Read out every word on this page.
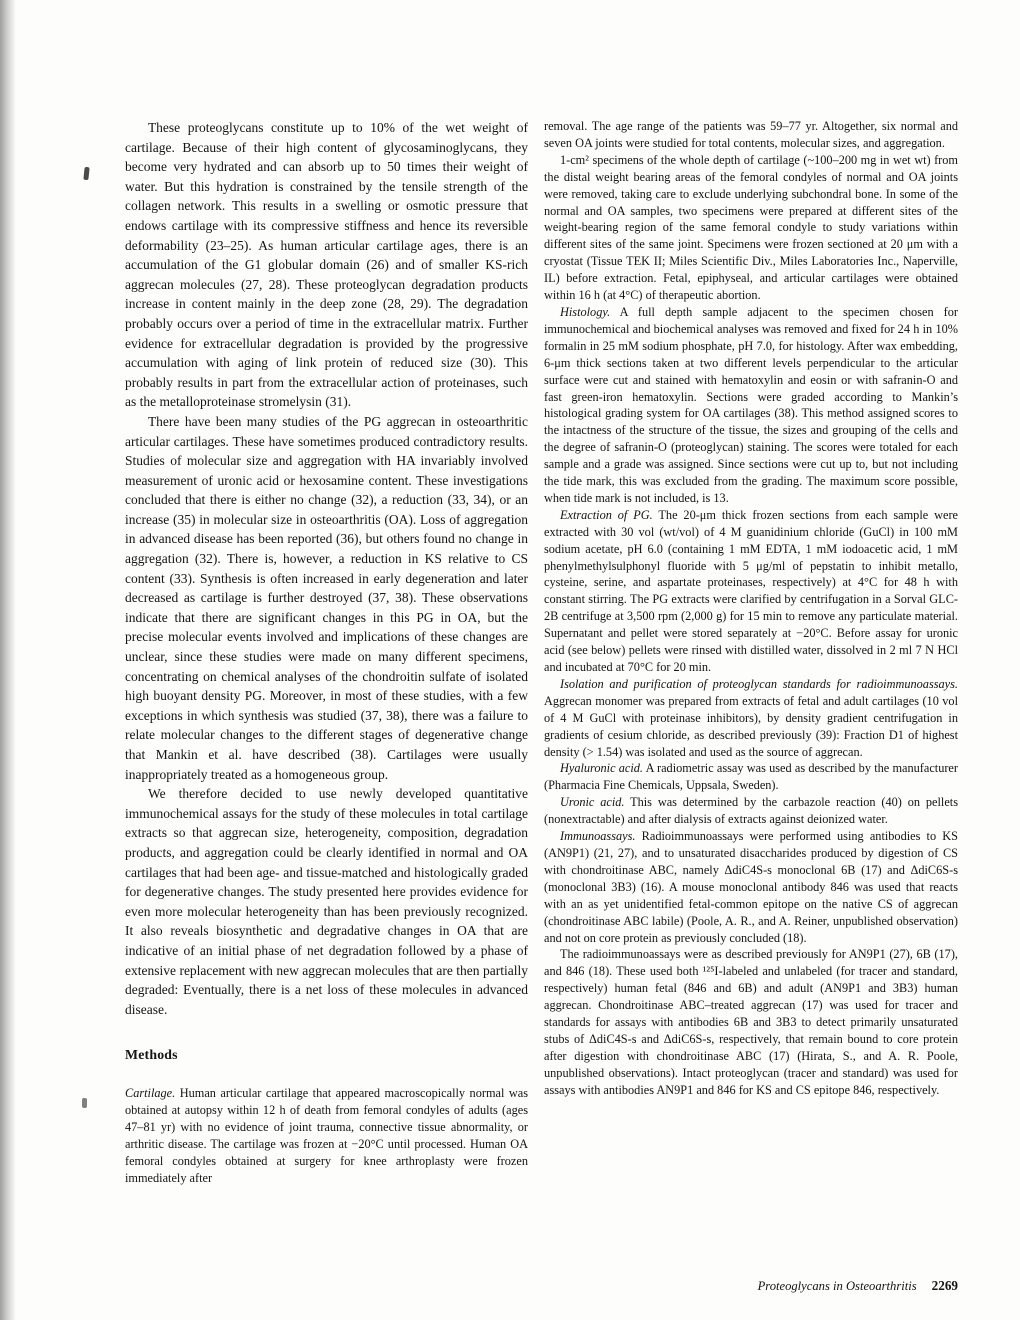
These proteoglycans constitute up to 10% of the wet weight of cartilage. Because of their high content of glycosaminoglycans, they become very hydrated and can absorb up to 50 times their weight of water. But this hydration is constrained by the tensile strength of the collagen network. This results in a swelling or osmotic pressure that endows cartilage with its compressive stiffness and hence its reversible deformability (23–25). As human articular cartilage ages, there is an accumulation of the G1 globular domain (26) and of smaller KS-rich aggrecan molecules (27, 28). These proteoglycan degradation products increase in content mainly in the deep zone (28, 29). The degradation probably occurs over a period of time in the extracellular matrix. Further evidence for extracellular degradation is provided by the progressive accumulation with aging of link protein of reduced size (30). This probably results in part from the extracellular action of proteinases, such as the metalloproteinase stromelysin (31).

There have been many studies of the PG aggrecan in osteoarthritic articular cartilages. These have sometimes produced contradictory results. Studies of molecular size and aggregation with HA invariably involved measurement of uronic acid or hexosamine content. These investigations concluded that there is either no change (32), a reduction (33, 34), or an increase (35) in molecular size in osteoarthritis (OA). Loss of aggregation in advanced disease has been reported (36), but others found no change in aggregation (32). There is, however, a reduction in KS relative to CS content (33). Synthesis is often increased in early degeneration and later decreased as cartilage is further destroyed (37, 38). These observations indicate that there are significant changes in this PG in OA, but the precise molecular events involved and implications of these changes are unclear, since these studies were made on many different specimens, concentrating on chemical analyses of the chondroitin sulfate of isolated high buoyant density PG. Moreover, in most of these studies, with a few exceptions in which synthesis was studied (37, 38), there was a failure to relate molecular changes to the different stages of degenerative change that Mankin et al. have described (38). Cartilages were usually inappropriately treated as a homogeneous group.

We therefore decided to use newly developed quantitative immunochemical assays for the study of these molecules in total cartilage extracts so that aggrecan size, heterogeneity, composition, degradation products, and aggregation could be clearly identified in normal and OA cartilages that had been age- and tissue-matched and histologically graded for degenerative changes. The study presented here provides evidence for even more molecular heterogeneity than has been previously recognized. It also reveals biosynthetic and degradative changes in OA that are indicative of an initial phase of net degradation followed by a phase of extensive replacement with new aggrecan molecules that are then partially degraded: Eventually, there is a net loss of these molecules in advanced disease.

Methods

Cartilage. Human articular cartilage that appeared macroscopically normal was obtained at autopsy within 12 h of death from femoral condyles of adults (ages 47–81 yr) with no evidence of joint trauma, connective tissue abnormality, or arthritic disease. The cartilage was frozen at −20°C until processed. Human OA femoral condyles obtained at surgery for knee arthroplasty were frozen immediately after

removal. The age range of the patients was 59–77 yr. Altogether, six normal and seven OA joints were studied for total contents, molecular sizes, and aggregation.

1-cm² specimens of the whole depth of cartilage (~100–200 mg in wet wt) from the distal weight bearing areas of the femoral condyles of normal and OA joints were removed, taking care to exclude underlying subchondral bone. In some of the normal and OA samples, two specimens were prepared at different sites of the weight-bearing region of the same femoral condyle to study variations within different sites of the same joint. Specimens were frozen sectioned at 20 μm with a cryostat (Tissue TEK II; Miles Scientific Div., Miles Laboratories Inc., Naperville, IL) before extraction. Fetal, epiphyseal, and articular cartilages were obtained within 16 h (at 4°C) of therapeutic abortion.

Histology. A full depth sample adjacent to the specimen chosen for immunochemical and biochemical analyses was removed and fixed for 24 h in 10% formalin in 25 mM sodium phosphate, pH 7.0, for histology. After wax embedding, 6-μm thick sections taken at two different levels perpendicular to the articular surface were cut and stained with hematoxylin and eosin or with safranin-O and fast green-iron hematoxylin. Sections were graded according to Mankin’s histological grading system for OA cartilages (38). This method assigned scores to the intactness of the structure of the tissue, the sizes and grouping of the cells and the degree of safranin-O (proteoglycan) staining. The scores were totaled for each sample and a grade was assigned. Since sections were cut up to, but not including the tide mark, this was excluded from the grading. The maximum score possible, when tide mark is not included, is 13.

Extraction of PG. The 20-μm thick frozen sections from each sample were extracted with 30 vol (wt/vol) of 4 M guanidinium chloride (GuCl) in 100 mM sodium acetate, pH 6.0 (containing 1 mM EDTA, 1 mM iodoacetic acid, 1 mM phenylmethylsulphonyl fluoride with 5 μg/ml of pepstatin to inhibit metallo, cysteine, serine, and aspartate proteinases, respectively) at 4°C for 48 h with constant stirring. The PG extracts were clarified by centrifugation in a Sorval GLC-2B centrifuge at 3,500 rpm (2,000 g) for 15 min to remove any particulate material. Supernatant and pellet were stored separately at −20°C. Before assay for uronic acid (see below) pellets were rinsed with distilled water, dissolved in 2 ml 7 N HCl and incubated at 70°C for 20 min.

Isolation and purification of proteoglycan standards for radioimmunoassays. Aggrecan monomer was prepared from extracts of fetal and adult cartilages (10 vol of 4 M GuCl with proteinase inhibitors), by density gradient centrifugation in gradients of cesium chloride, as described previously (39): Fraction D1 of highest density (> 1.54) was isolated and used as the source of aggrecan.

Hyaluronic acid. A radiometric assay was used as described by the manufacturer (Pharmacia Fine Chemicals, Uppsala, Sweden).

Uronic acid. This was determined by the carbazole reaction (40) on pellets (nonextractable) and after dialysis of extracts against deionized water.

Immunoassays. Radioimmunoassays were performed using antibodies to KS (AN9P1) (21, 27), and to unsaturated disaccharides produced by digestion of CS with chondroitinase ABC, namely ΔdiC4S-s monoclonal 6B (17) and ΔdiC6S-s (monoclonal 3B3) (16). A mouse monoclonal antibody 846 was used that reacts with an as yet unidentified fetal-common epitope on the native CS of aggrecan (chondroitinase ABC labile) (Poole, A. R., and A. Reiner, unpublished observation) and not on core protein as previously concluded (18).

The radioimmunoassays were as described previously for AN9P1 (27), 6B (17), and 846 (18). These used both ¹²⁵I-labeled and unlabeled (for tracer and standard, respectively) human fetal (846 and 6B) and adult (AN9P1 and 3B3) human aggrecan. Chondroitinase ABC–treated aggrecan (17) was used for tracer and standards for assays with antibodies 6B and 3B3 to detect primarily unsaturated stubs of ΔdiC4S-s and ΔdiC6S-s, respectively, that remain bound to core protein after digestion with chondroitinase ABC (17) (Hirata, S., and A. R. Poole, unpublished observations). Intact proteoglycan (tracer and standard) was used for assays with antibodies AN9P1 and 846 for KS and CS epitope 846, respectively.

Proteoglycans in Osteoarthritis 2269
